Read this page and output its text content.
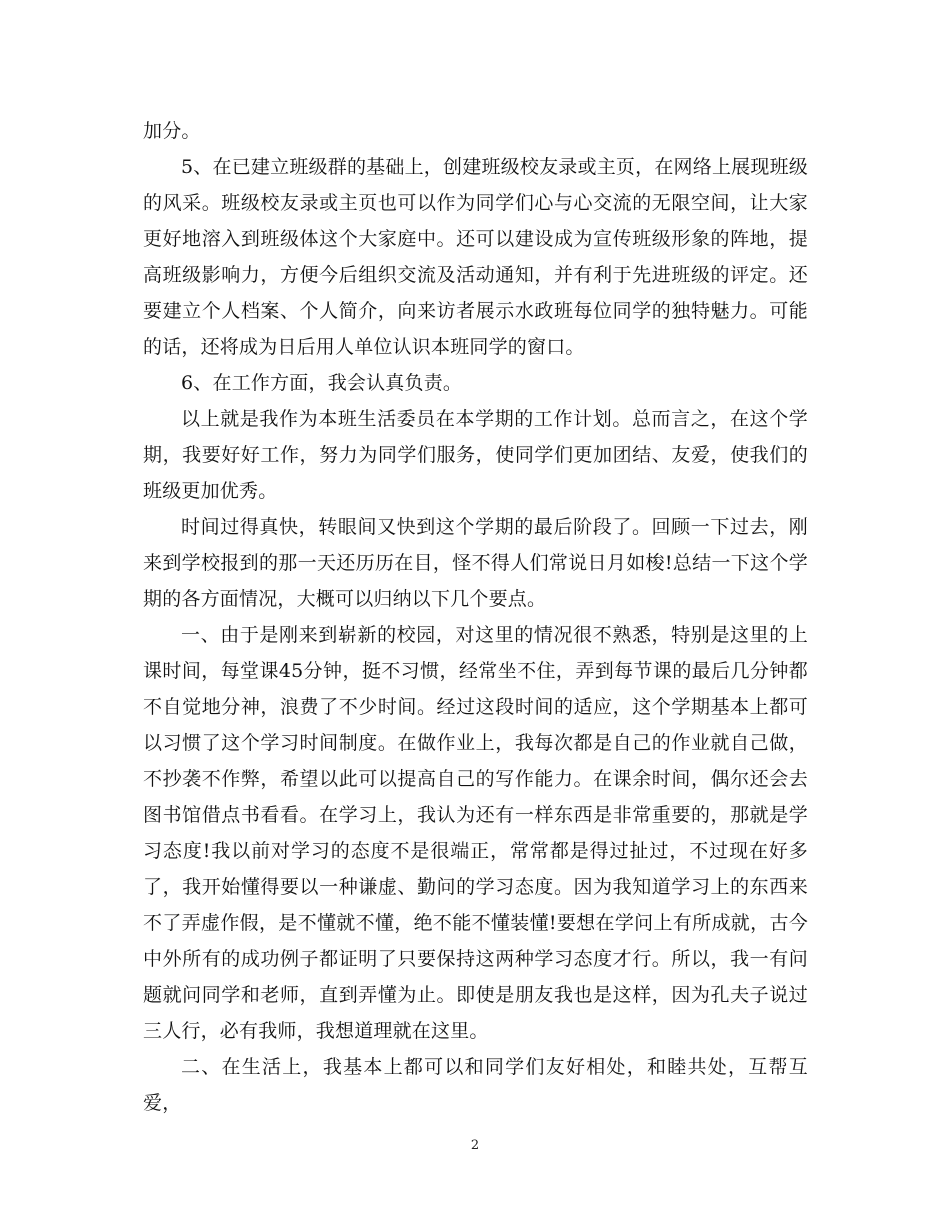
加分。

5、在已建立班级群的基础上，创建班级校友录或主页，在网络上展现班级的风采。班级校友录或主页也可以作为同学们心与心交流的无限空间，让大家更好地溶入到班级体这个大家庭中。还可以建设成为宣传班级形象的阵地，提高班级影响力，方便今后组织交流及活动通知，并有利于先进班级的评定。还要建立个人档案、个人简介，向来访者展示水政班每位同学的独特魅力。可能的话，还将成为日后用人单位认识本班同学的窗口。

6、在工作方面，我会认真负责。

以上就是我作为本班生活委员在本学期的工作计划。总而言之，在这个学期，我要好好工作，努力为同学们服务，使同学们更加团结、友爱，使我们的班级更加优秀。

时间过得真快，转眼间又快到这个学期的最后阶段了。回顾一下过去，刚来到学校报到的那一天还历历在目，怪不得人们常说日月如梭!总结一下这个学期的各方面情况，大概可以归纳以下几个要点。

一、由于是刚来到崭新的校园，对这里的情况很不熟悉，特别是这里的上课时间，每堂课45分钟，挺不习惯，经常坐不住，弄到每节课的最后几分钟都不自觉地分神，浪费了不少时间。经过这段时间的适应，这个学期基本上都可以习惯了这个学习时间制度。在做作业上，我每次都是自己的作业就自己做，不抄袭不作弊，希望以此可以提高自己的写作能力。在课余时间，偶尔还会去图书馆借点书看看。在学习上，我认为还有一样东西是非常重要的，那就是学习态度!我以前对学习的态度不是很端正，常常都是得过扯过，不过现在好多了，我开始懂得要以一种谦虚、勤问的学习态度。因为我知道学习上的东西来不了弄虚作假，是不懂就不懂，绝不能不懂装懂!要想在学问上有所成就，古今中外所有的成功例子都证明了只要保持这两种学习态度才行。所以，我一有问题就问同学和老师，直到弄懂为止。即使是朋友我也是这样，因为孔夫子说过三人行，必有我师，我想道理就在这里。

二、在生活上，我基本上都可以和同学们友好相处，和睦共处，互帮互爱，

2
